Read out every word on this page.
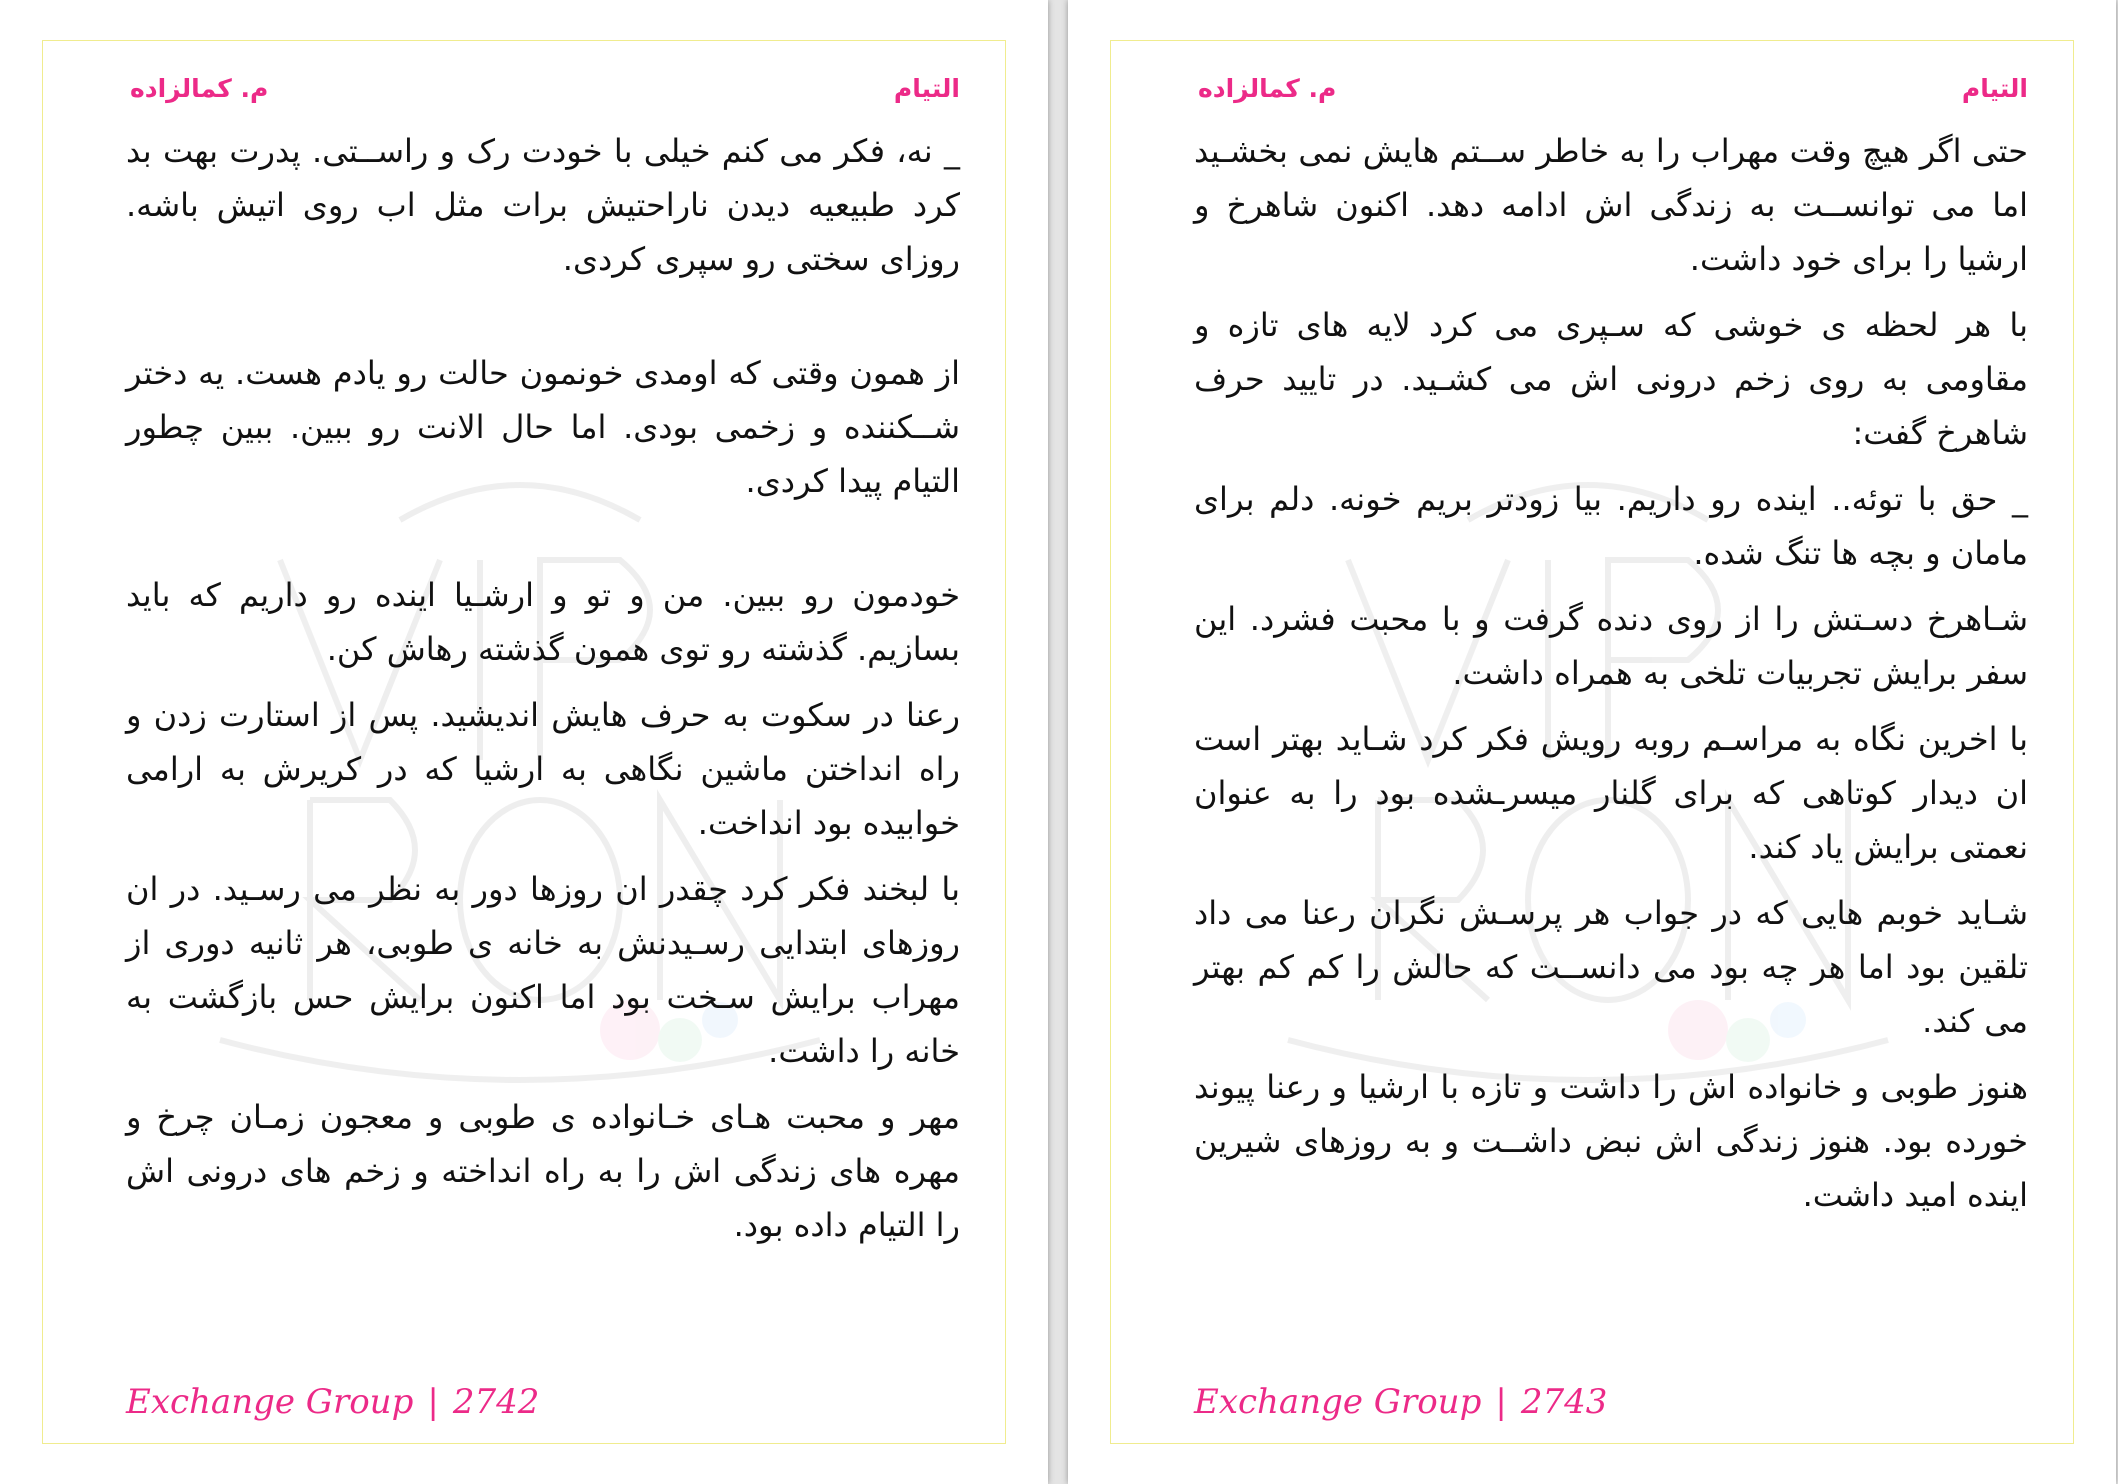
التیام
م. کمالزاده

_ نه، فکر می کنم خیلی با خودت رک و راســتی. پدرت بهت بد کرد طبیعیه دیدن ناراحتیش برات مثل اب روی اتیش باشه. روزای سختی رو سپری کردی.

از همون وقتی که اومدی خونمون حالت رو یادم هست. یه دختر شــکننده و زخمی بودی. اما حال الانت رو ببین. ببین چطور التیام پیدا کردی.

خودمون رو ببین. من و تو و ارشـیا اینده رو داریم که باید بسازیم. گذشته رو توی همون گذشته رهاش کن.

رعنا در سکوت به حرف هایش اندیشید. پس از استارت زدن و راه انداختن ماشین نگاهی به ارشیا که در کریرش به ارامی خوابیده بود انداخت.

با لبخند فکر کرد چقدر ان روزها دور به نظر می رسـید. در ان روزهای ابتدایی رسـیدنش به خانه ی طوبی، هر ثانیه دوری از مهراب برایش سـخت بود اما اکنون برایش حس بازگشت به خانه را داشت.

مهر و محبت هـای خـانواده ی طوبی و معجون زمـان چرخ و مهره های زندگی اش را به راه انداخته و زخم های درونی اش را التیام داده بود.

Exchange Group | 2742
التیام
م. کمالزاده

حتی اگر هیچ وقت مهراب را به خاطر ســتم هایش نمی بخشـید اما می توانســت به زندگی اش ادامه دهد. اکنون شاهرخ و ارشیا را برای خود داشت.

با هر لحظه ی خوشی که سـپری می کرد لایه های تازه و مقاومی به روی زخم درونی اش می کشـید. در تایید حرف شاهرخ گفت:

_ حق با توئه.. اینده رو داریم. بیا زودتر بریم خونه. دلم برای مامان و بچه ها تنگ شده.

شـاهرخ دسـتش را از روی دنده گرفت و با محبت فشرد. این سفر برایش تجربیات تلخی به همراه داشت.

با اخرین نگاه به مراسـم روبه رویش فکر کرد شـاید بهتر است ان دیدار کوتاهی که برای گلنار میسرـشده بود را به عنوان نعمتی برایش یاد کند.

شـاید خوبم هایی که در جواب هر پرسـش نگران رعنا می داد تلقین بود اما هر چه بود می دانســت که حالش را کم کم بهتر می کند.

هنوز طوبی و خانواده اش را داشت و تازه با ارشیا و رعنا پیوند خورده بود. هنوز زندگی اش نبض داشــت و به روزهای شیرین اینده امید داشت.

Exchange Group | 2743
